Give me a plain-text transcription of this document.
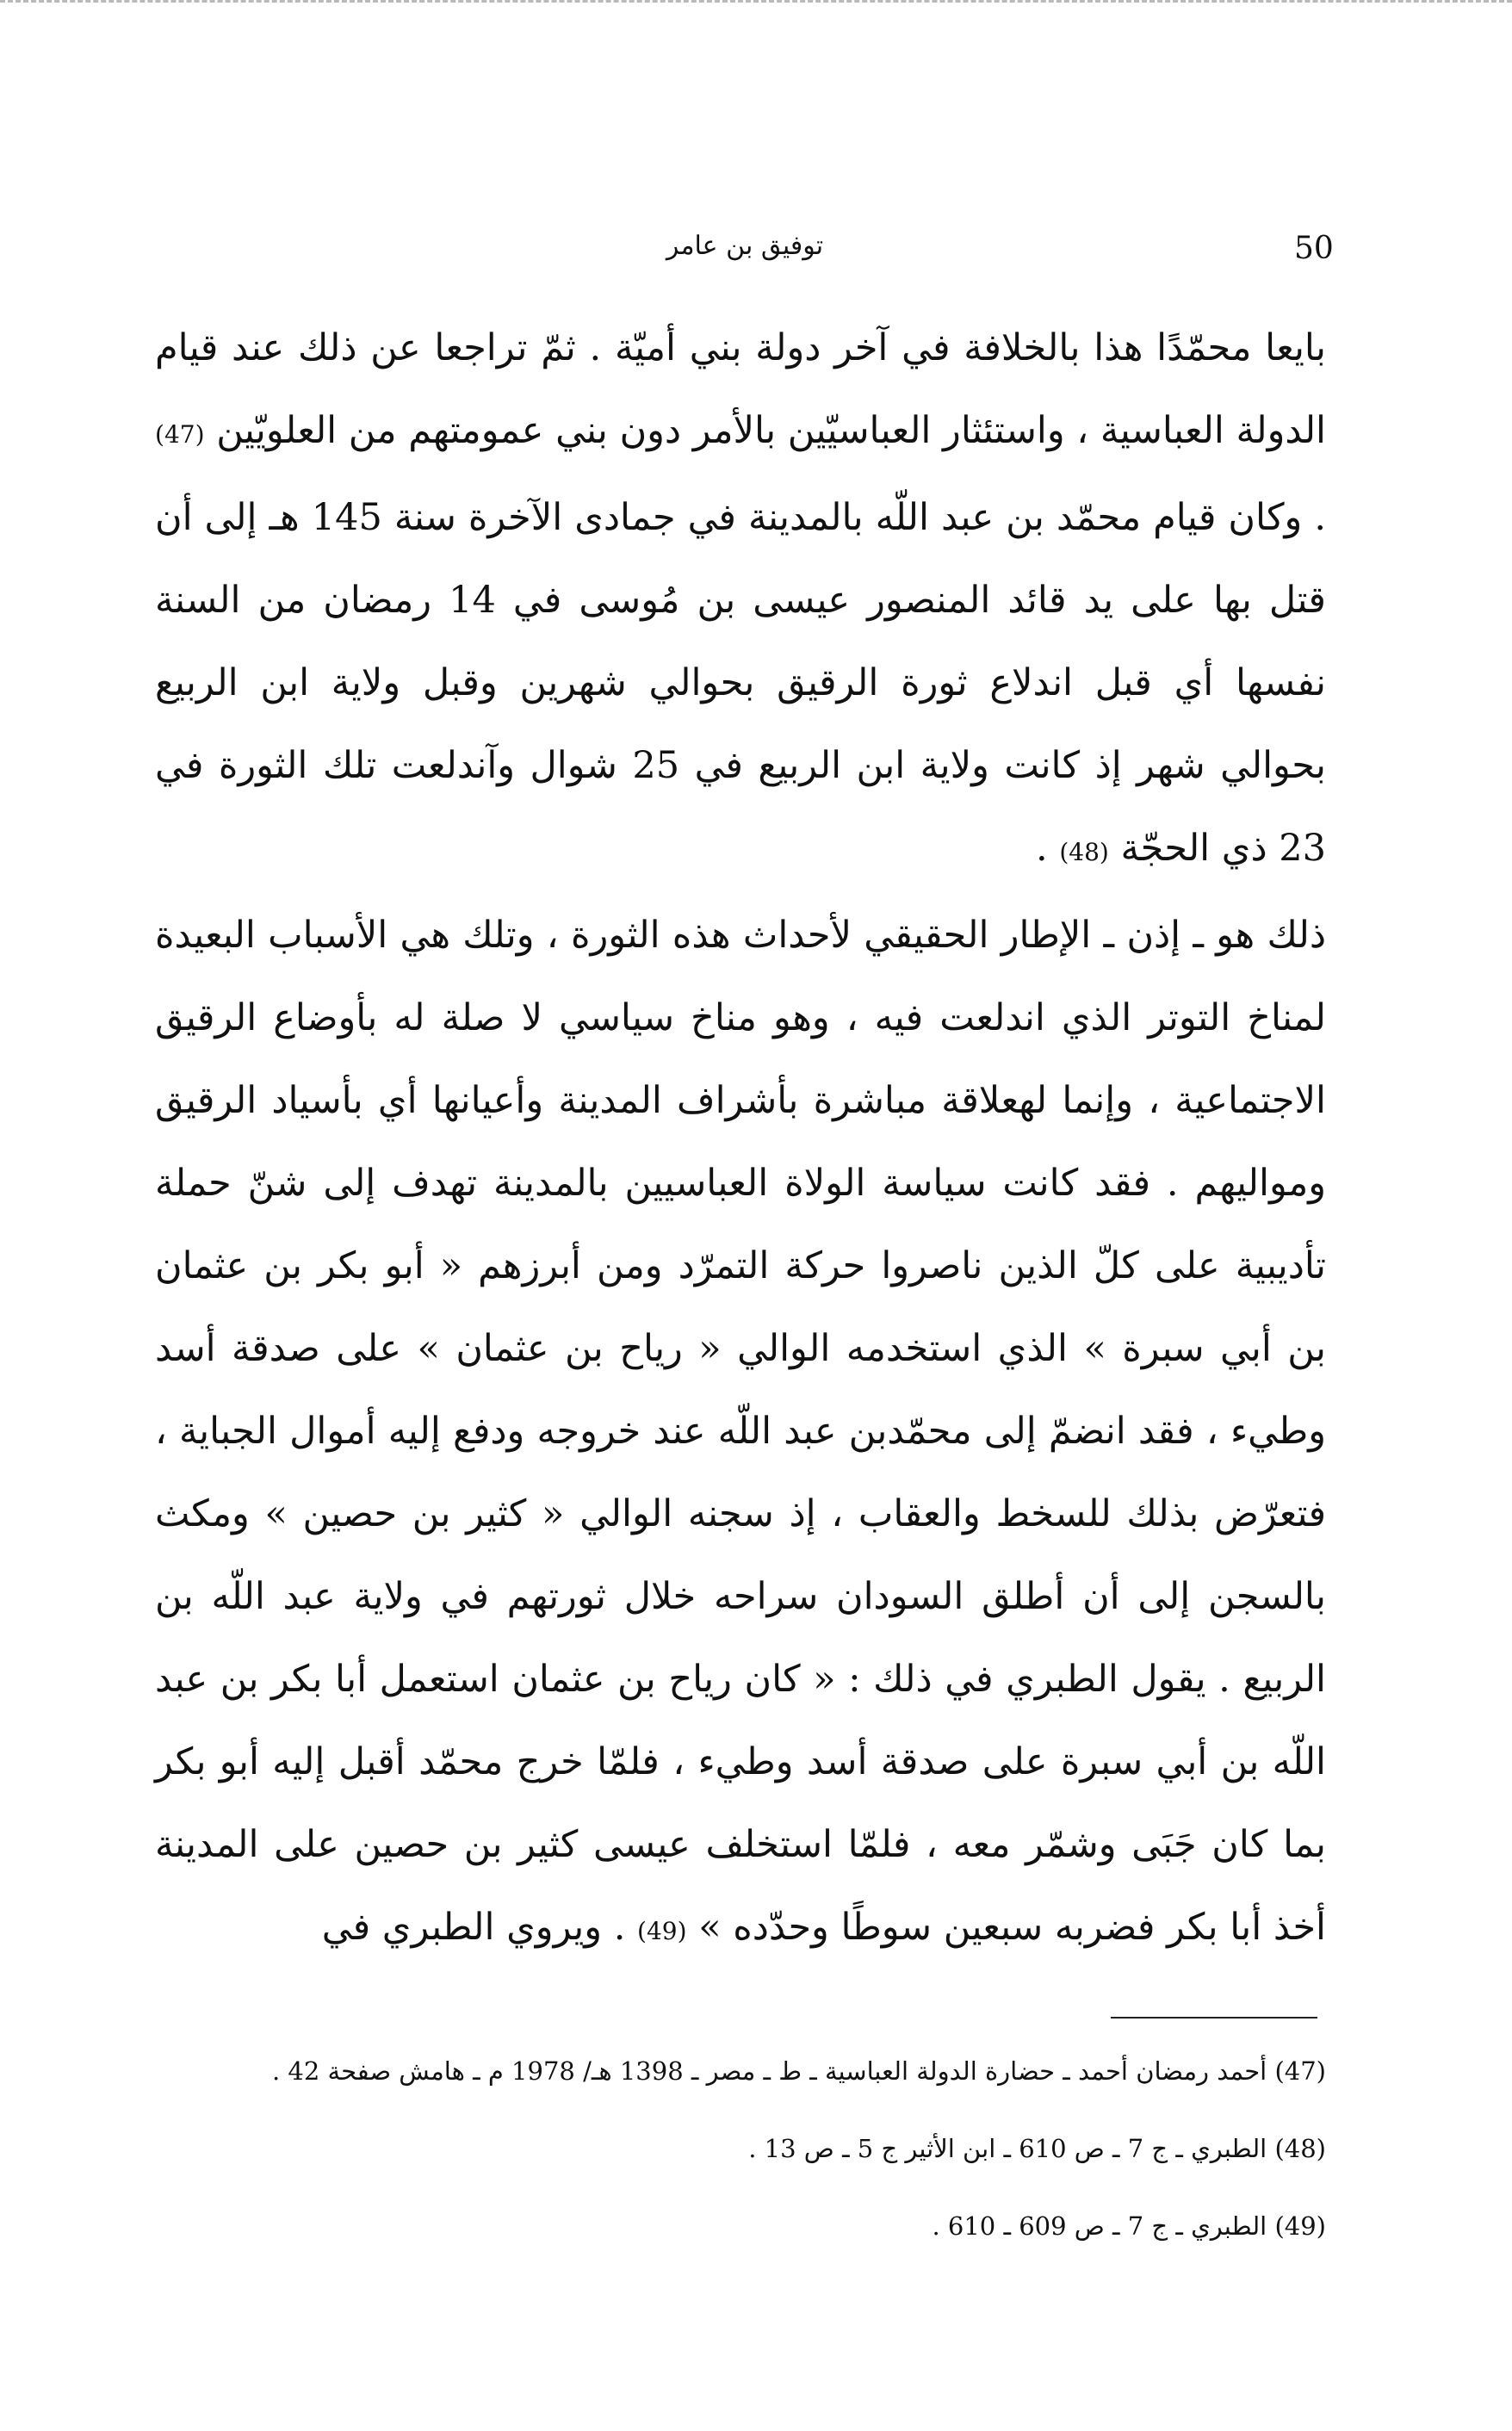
50
توفيق بن عامر

بايعا محمّدًا هذا بالخلافة في آخر دولة بني أميّة . ثمّ تراجعا عن ذلك عند قيام الدولة العباسية ، واستئثار العباسيّين بالأمر دون بني عمومتهم من العلويّين (47) . وكان قيام محمّد بن عبد اللّه بالمدينة في جمادى الآخرة سنة 145 هـ إلى أن قتل بها على يد قائد المنصور عيسى بن مُوسى في 14 رمضان من السنة نفسها أي قبل اندلاع ثورة الرقيق بحوالي شهرين وقبل ولاية ابن الربيع بحوالي شهر إذ كانت ولاية ابن الربيع في 25 شوال وآندلعت تلك الثورة في 23 ذي الحجّة (48) .

ذلك هو ـ إذن ـ الإطار الحقيقي لأحداث هذه الثورة ، وتلك هي الأسباب البعيدة لمناخ التوتر الذي اندلعت فيه ، وهو مناخ سياسي لا صلة له بأوضاع الرقيق الاجتماعية ، وإنما لهعلاقة مباشرة بأشراف المدينة وأعيانها أي بأسياد الرقيق ومواليهم . فقد كانت سياسة الولاة العباسيين بالمدينة تهدف إلى شنّ حملة تأديبية على كلّ الذين ناصروا حركة التمرّد ومن أبرزهم « أبو بكر بن عثمان بن أبي سبرة » الذي استخدمه الوالي « رياح بن عثمان » على صدقة أسد وطيء ، فقد انضمّ إلى محمّدبن عبد اللّه عند خروجه ودفع إليه أموال الجباية ، فتعرّض بذلك للسخط والعقاب ، إذ سجنه الوالي « كثير بن حصين » ومكث بالسجن إلى أن أطلق السودان سراحه خلال ثورتهم في ولاية عبد اللّه بن الربيع . يقول الطبري في ذلك : « كان رياح بن عثمان استعمل أبا بكر بن عبد اللّه بن أبي سبرة على صدقة أسد وطيء ، فلمّا خرج محمّد أقبل إليه أبو بكر بما كان جَبَى وشمّر معه ، فلمّا استخلف عيسى كثير بن حصين على المدينة أخذ أبا بكر فضربه سبعين سوطًا وحدّده » (49) . ويروي الطبري في

(47) أحمد رمضان أحمد ـ حضارة الدولة العباسية ـ ط ـ مصر ـ 1398 هـ/ 1978 م ـ هامش صفحة 42 .
(48) الطبري ـ ج 7 ـ ص 610 ـ ابن الأثير ج 5 ـ ص 13 .
(49) الطبري ـ ج 7 ـ ص 609 ـ 610 .
